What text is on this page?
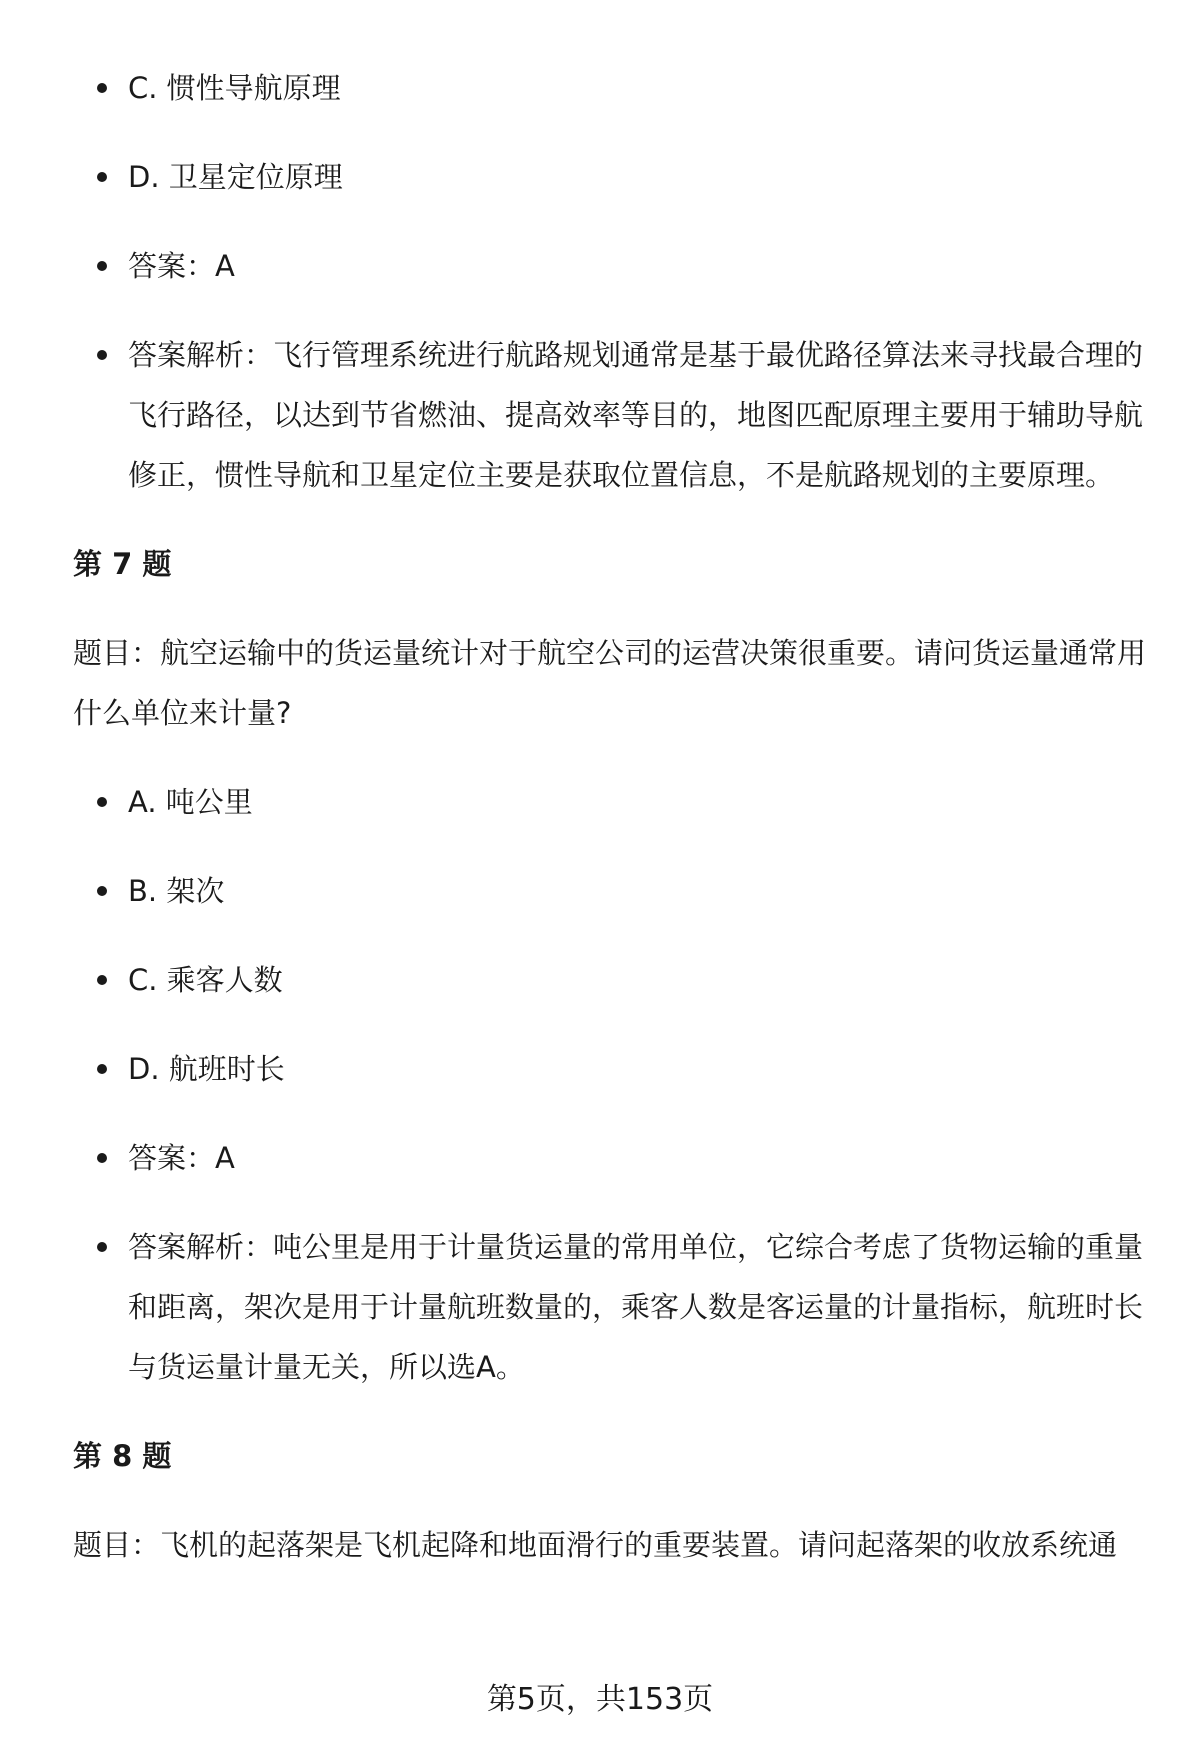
C. 惯性导航原理
D. 卫星定位原理
答案：A
答案解析：飞行管理系统进行航路规划通常是基于最优路径算法来寻找最合理的飞行路径，以达到节省燃油、提高效率等目的，地图匹配原理主要用于辅助导航修正，惯性导航和卫星定位主要是获取位置信息，不是航路规划的主要原理。
第 7 题
题目：航空运输中的货运量统计对于航空公司的运营决策很重要。请问货运量通常用什么单位来计量?
A. 吨公里
B. 架次
C. 乘客人数
D. 航班时长
答案：A
答案解析：吨公里是用于计量货运量的常用单位，它综合考虑了货物运输的重量和距离，架次是用于计量航班数量的，乘客人数是客运量的计量指标，航班时长与货运量计量无关，所以选A。
第 8 题
题目：飞机的起落架是飞机起降和地面滑行的重要装置。请问起落架的收放系统通
第5页，共153页
